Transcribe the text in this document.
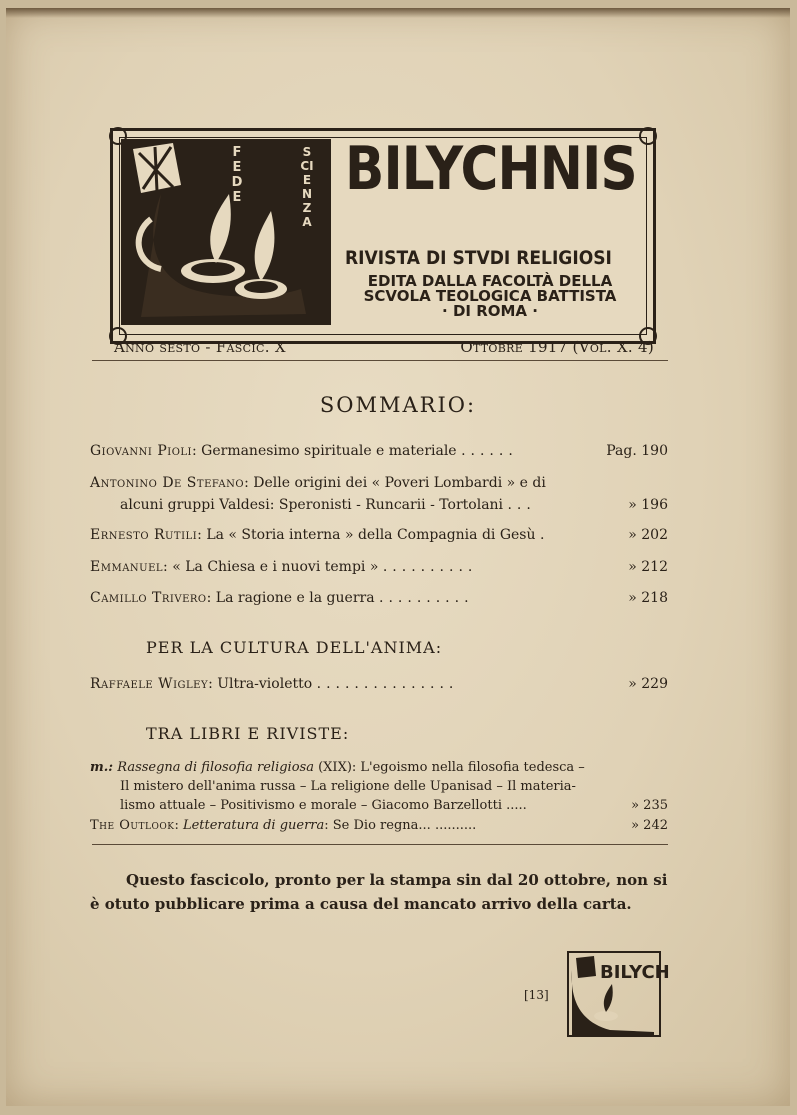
FEDE
SCIENZA
BILYCHNIS
RIVISTA DI STVDI RELIGIOSI
EDITA DALLA FACOLTÀ DELLA
SCVOLA TEOLOGICA BATTISTA
· DI ROMA ·
Anno sesto - Fascic. X	Ottobre 1917 (Vol. X. 4)
SOMMARIO:
Giovanni Pioli: Germanesimo spirituale e materiale ......	Pag. 190
Antonino De Stefano: Delle origini dei « Poveri Lombardi » e di
alcuni gruppi Valdesi: Speronisti - Runcarii - Tortolani ...	» 196
Ernesto Rutili: La « Storia interna » della Compagnia di Gesù .	» 202
Emmanuel: « La Chiesa e i nuovi tempi » ..........	» 212
Camillo Trivero: La ragione e la guerra ..........	» 218
PER LA CULTURA DELL'ANIMA:
Raffaele Wigley: Ultra-violetto ...............	» 229
TRA LIBRI E RIVISTE:
m.: Rassegna di filosofia religiosa (XIX): L'egoismo nella filosofia tedesca –
Il mistero dell'anima russa – La religione delle Upanisad – Il materia-
lismo attuale – Positivismo e morale – Giacomo Barzellotti .....	» 235
The Outlook: Letteratura di guerra: Se Dio regna... ..........	» 242
Questo fascicolo, pronto per la stampa sin dal 20 ottobre, non si
è otuto pubblicare prima a causa del mancato arrivo della carta.
[13]
BILYCH
